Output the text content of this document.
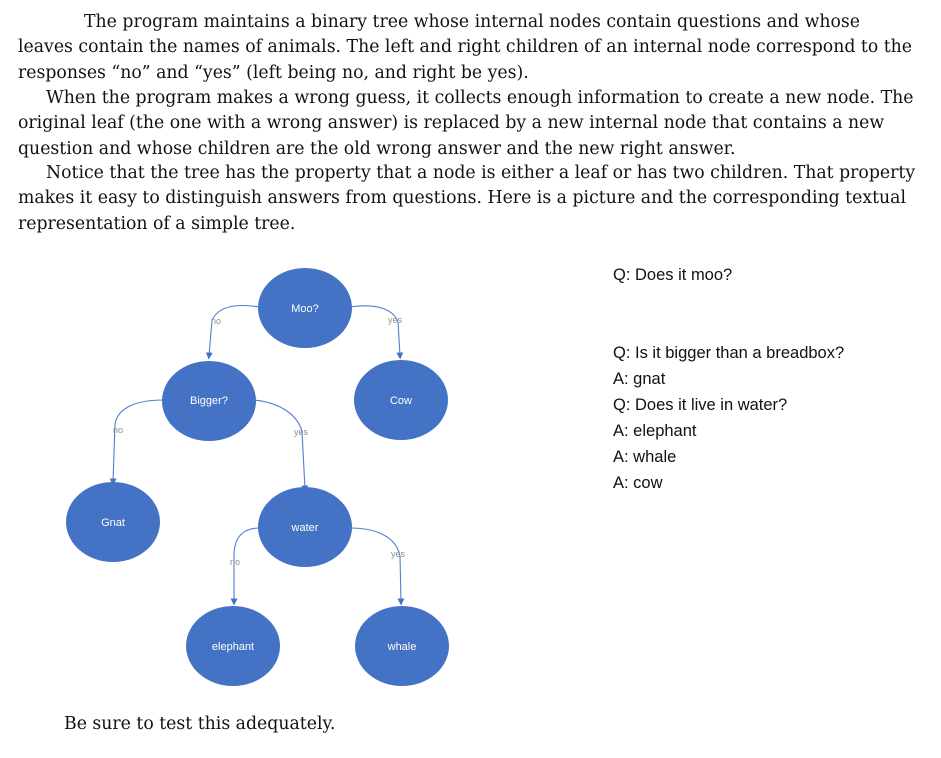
The program maintains a binary tree whose internal nodes contain questions and whose leaves contain the names of animals. The left and right children of an internal node correspond to the responses “no” and “yes” (left being no, and right be yes).

When the program makes a wrong guess, it collects enough information to create a new node. The original leaf (the one with a wrong answer) is replaced by a new internal node that contains a new question and whose children are the old wrong answer and the new right answer.

Notice that the tree has the property that a node is either a leaf or has two children. That property makes it easy to distinguish answers from questions. Here is a picture and the corresponding textual representation of a simple tree.

no	yes
no	yes
no
yes
Moo?
Bigger?	Cow
Gnat	water
elephant	whale
Q: Does it moo?
Q: Is it bigger than a breadbox?
A: gnat
Q: Does it live in water?
A: elephant
A: whale
A: cow

Be sure to test this adequately.
